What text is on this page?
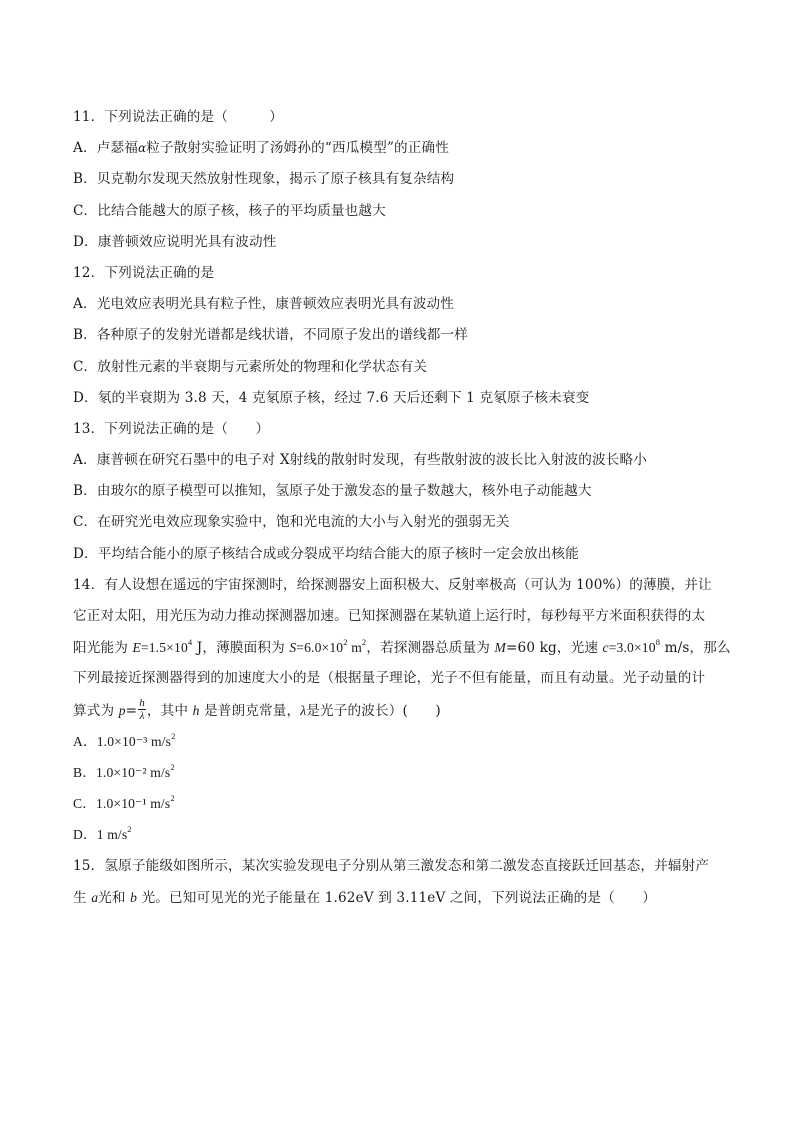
11．下列说法正确的是（　　　）
A．卢瑟福α粒子散射实验证明了汤姆孙的“西瓜模型”的正确性
B．贝克勒尔发现天然放射性现象，揭示了原子核具有复杂结构
C．比结合能越大的原子核，核子的平均质量也越大
D．康普顿效应说明光具有波动性
12．下列说法正确的是
A．光电效应表明光具有粒子性，康普顿效应表明光具有波动性
B．各种原子的发射光谱都是线状谱，不同原子发出的谱线都一样
C．放射性元素的半衰期与元素所处的物理和化学状态有关
D．氡的半衰期为 3.8 天，4 克氡原子核，经过 7.6 天后还剩下 1 克氡原子核未衰变
13．下列说法正确的是（　　）
A．康普顿在研究石墨中的电子对 X射线的散射时发现，有些散射波的波长比入射波的波长略小
B．由玻尔的原子模型可以推知，氢原子处于激发态的量子数越大，核外电子动能越大
C．在研究光电效应现象实验中，饱和光电流的大小与入射光的强弱无关
D．平均结合能小的原子核结合成或分裂成平均结合能大的原子核时一定会放出核能
14．有人设想在遥远的宇宙探测时，给探测器安上面积极大、反射率极高（可认为 100%）的薄膜，并让
它正对太阳，用光压为动力推动探测器加速。已知探测器在某轨道上运行时，每秒每平方米面积获得的太
阳光能为 $E=1.5\times 10^4$ J，薄膜面积为 $S=6.0\times 10^2$ $m^2$，若探测器总质量为 M=60 kg，光速 $c=3.0\times 10^8$ m/s，那么
下列最接近探测器得到的加速度大小的是（根据量子理论，光子不但有能量，而且有动量。光子动量的计
算式为 $p= \frac{h}{\lambda}$ ，其中 h 是普朗克常量，λ是光子的波长）(　　)
A．1.0×10⁻³ $m/s^2$
B．1.0×10⁻² $m/s^2$
C．1.0×10⁻¹ $m/s^2$
D．1 $m/s^2$
15．氢原子能级如图所示，某次实验发现电子分别从第三激发态和第二激发态直接跃迁回基态，并辐射产
生 a光和 b 光。已知可见光的光子能量在 1.62eV 到 3.11eV 之间，下列说法正确的是（　　）
